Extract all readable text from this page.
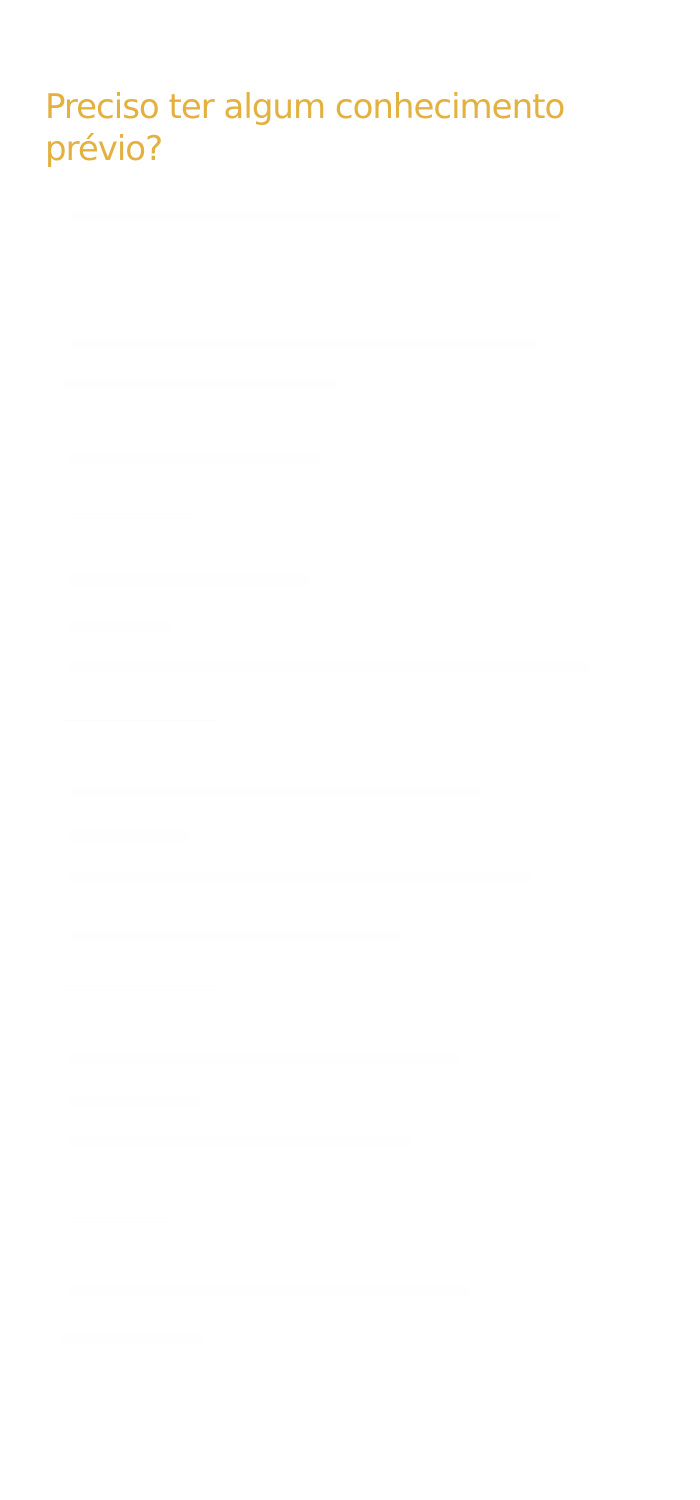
Preciso ter algum conhecimento prévio?
